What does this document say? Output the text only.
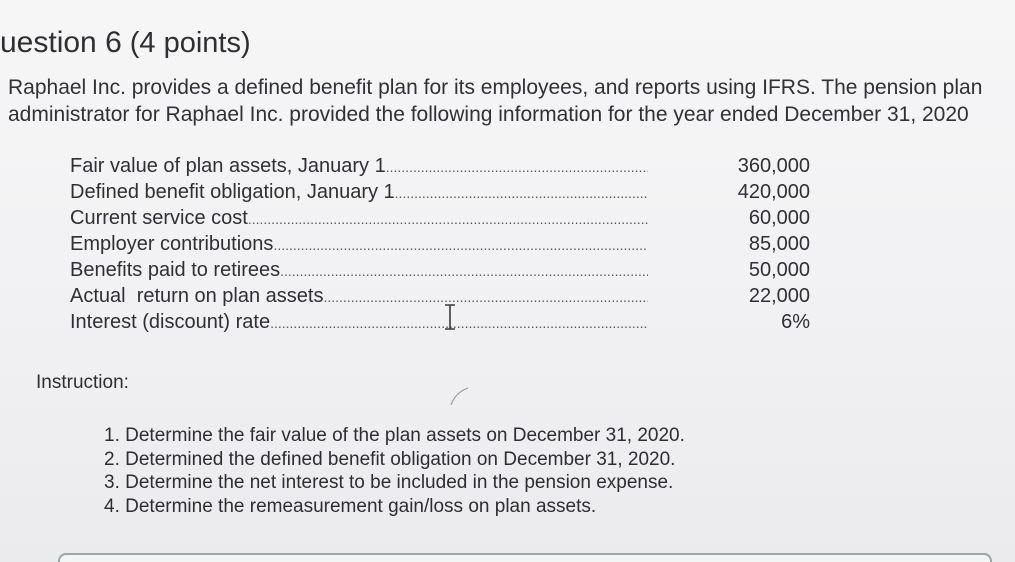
uestion 6 (4 points)
Raphael Inc. provides a defined benefit plan for its employees, and reports using IFRS. The pension plan administrator for Raphael Inc. provided the following information for the year ended December 31, 2020
Fair value of plan assets, January 1 .....	360,000
Defined benefit obligation, January 1 .....	420,000
Current service cost .....	60,000
Employer contributions .....	85,000
Benefits paid to retirees .....	50,000
Actual  return on plan assets .....	22,000
Interest (discount) rate .....	6%
Instruction:
1. Determine the fair value of the plan assets on December 31, 2020.
2. Determined the defined benefit obligation on December 31, 2020.
3. Determine the net interest to be included in the pension expense.
4. Determine the remeasurement gain/loss on plan assets.
